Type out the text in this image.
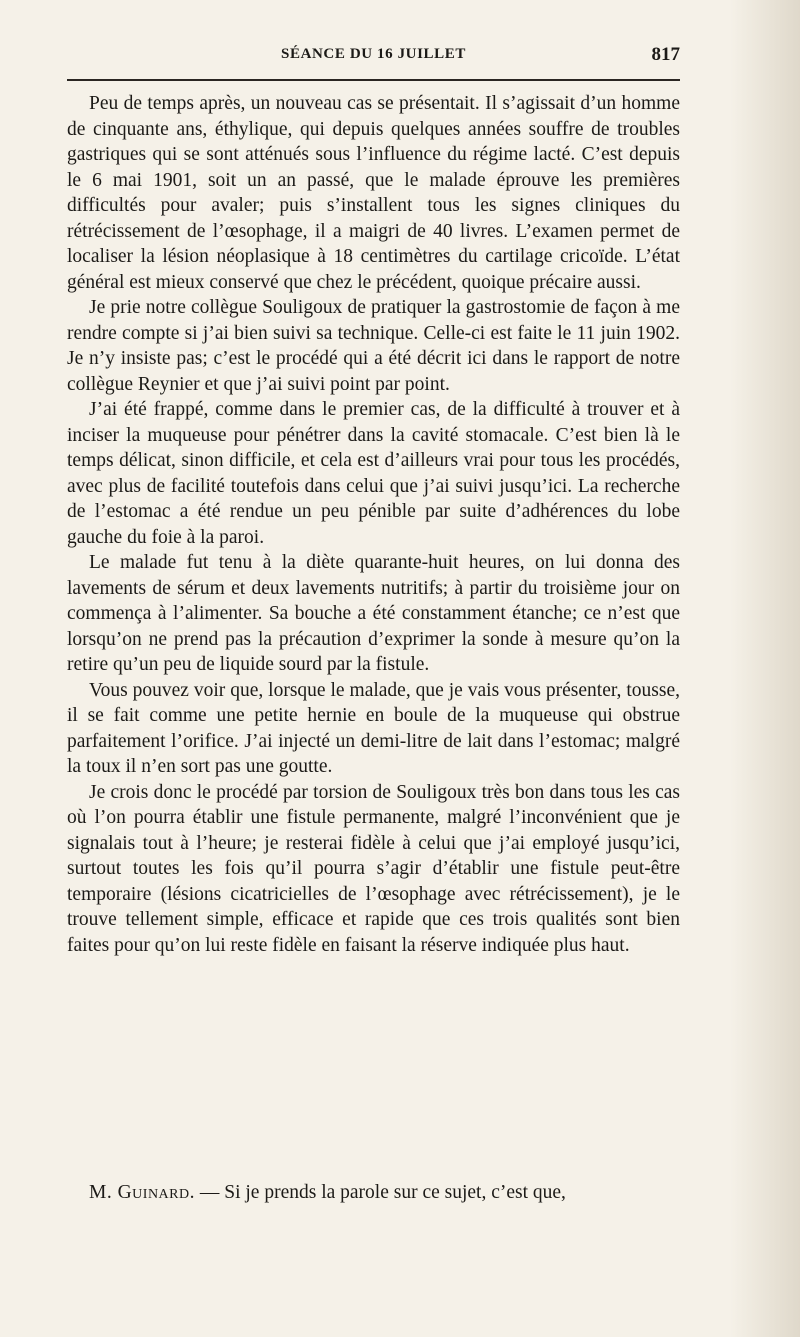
SÉANCE DU 16 JUILLET	817

Peu de temps après, un nouveau cas se présentait. Il s’agissait d’un homme de cinquante ans, éthylique, qui depuis quelques années souffre de troubles gastriques qui se sont atténués sous l’influence du régime lacté. C’est depuis le 6 mai 1901, soit un an passé, que le malade éprouve les premières difficultés pour avaler; puis s’installent tous les signes cliniques du rétrécissement de l’œsophage, il a maigri de 40 livres. L’examen permet de localiser la lésion néoplasique à 18 centimètres du cartilage cricoïde. L’état général est mieux conservé que chez le précédent, quoique précaire aussi.

Je prie notre collègue Souligoux de pratiquer la gastrostomie de façon à me rendre compte si j’ai bien suivi sa technique. Celle-ci est faite le 11 juin 1902. Je n’y insiste pas; c’est le procédé qui a été décrit ici dans le rapport de notre collègue Reynier et que j’ai suivi point par point.

J’ai été frappé, comme dans le premier cas, de la difficulté à trouver et à inciser la muqueuse pour pénétrer dans la cavité stomacale. C’est bien là le temps délicat, sinon difficile, et cela est d’ailleurs vrai pour tous les procédés, avec plus de facilité toutefois dans celui que j’ai suivi jusqu’ici. La recherche de l’estomac a été rendue un peu pénible par suite d’adhérences du lobe gauche du foie à la paroi.

Le malade fut tenu à la diète quarante-huit heures, on lui donna des lavements de sérum et deux lavements nutritifs; à partir du troisième jour on commença à l’alimenter. Sa bouche a été constamment étanche; ce n’est que lorsqu’on ne prend pas la précaution d’exprimer la sonde à mesure qu’on la retire qu’un peu de liquide sourd par la fistule.

Vous pouvez voir que, lorsque le malade, que je vais vous présenter, tousse, il se fait comme une petite hernie en boule de la muqueuse qui obstrue parfaitement l’orifice. J’ai injecté un demi-litre de lait dans l’estomac; malgré la toux il n’en sort pas une goutte.

Je crois donc le procédé par torsion de Souligoux très bon dans tous les cas où l’on pourra établir une fistule permanente, malgré l’inconvénient que je signalais tout à l’heure; je resterai fidèle à celui que j’ai employé jusqu’ici, surtout toutes les fois qu’il pourra s’agir d’établir une fistule peut-être temporaire (lésions cicatricielles de l’œsophage avec rétrécissement), je le trouve tellement simple, efficace et rapide que ces trois qualités sont bien faites pour qu’on lui reste fidèle en faisant la réserve indiquée plus haut.

M. Guinard. — Si je prends la parole sur ce sujet, c’est que,
